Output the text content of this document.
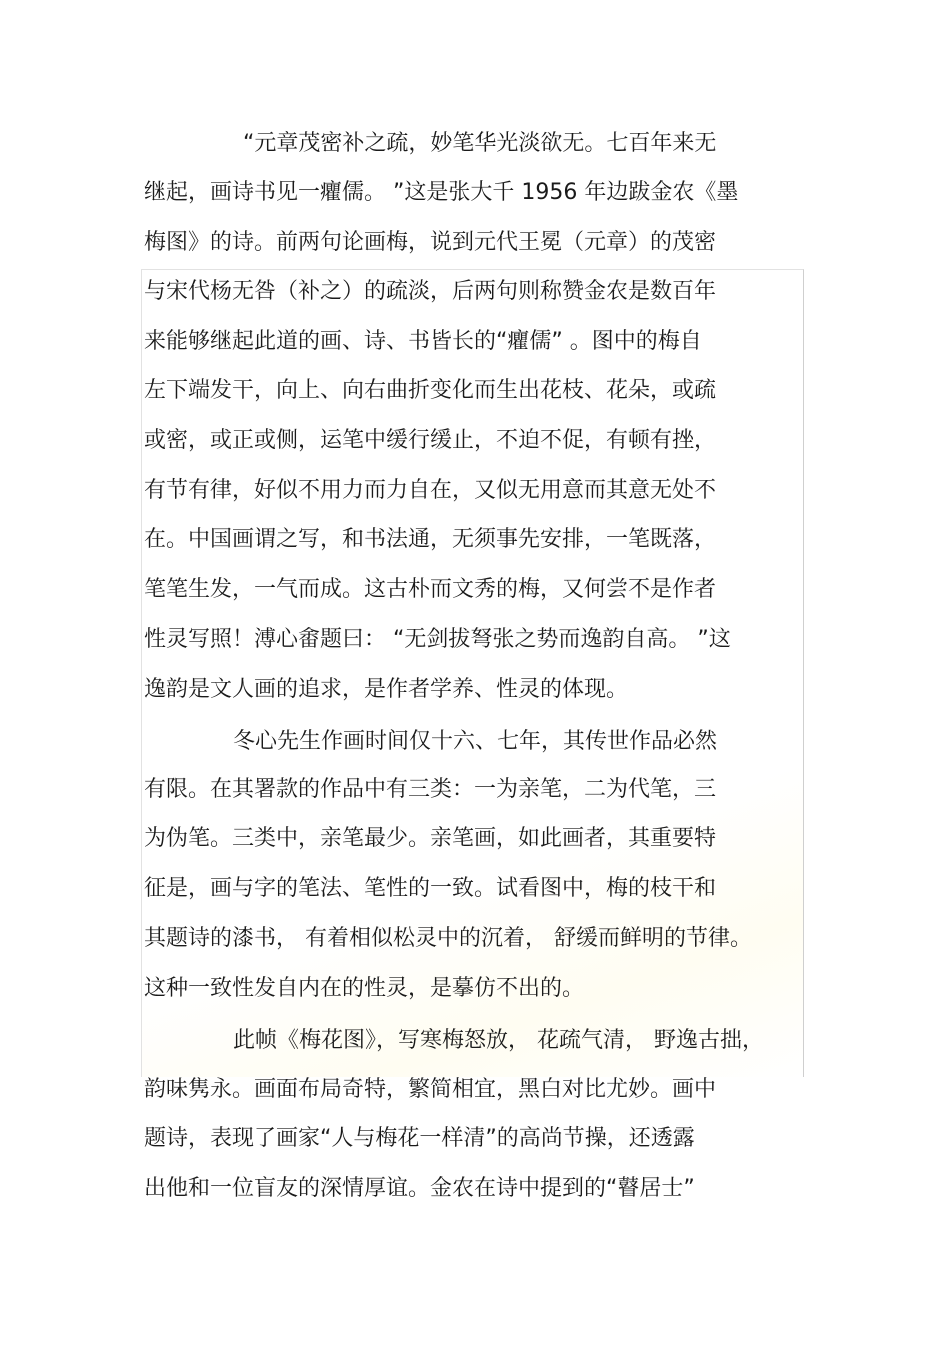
“元章茂密补之疏，妙笔华光淡欲无。七百年来无
继起，画诗书见一癯儒。 ”这是张大千 1956 年边跋金农《墨
梅图》的诗。前两句论画梅，说到元代王冕（元章）的茂密
与宋代杨无咎（补之）的疏淡，后两句则称赞金农是数百年
来能够继起此道的画、诗、书皆长的“癯儒” 。图中的梅自
左下端发干，向上、向右曲折变化而生出花枝、花朵，或疏
或密，或正或侧，运笔中缓行缓止，不迫不促，有顿有挫，
有节有律，好似不用力而力自在，又似无用意而其意无处不
在。中国画谓之写，和书法通，无须事先安排，一笔既落，
笔笔生发，一气而成。这古朴而文秀的梅，又何尝不是作者
性灵写照！溥心畬题曰： “无剑拔弩张之势而逸韵自高。 ”这
逸韵是文人画的追求，是作者学养、性灵的体现。
冬心先生作画时间仅十六、七年，其传世作品必然
有限。在其署款的作品中有三类：一为亲笔，二为代笔，三
为伪笔。三类中，亲笔最少。亲笔画，如此画者，其重要特
征是，画与字的笔法、笔性的一致。试看图中，梅的枝干和
其题诗的漆书， 有着相似松灵中的沉着， 舒缓而鲜明的节律。
这种一致性发自内在的性灵，是摹仿不出的。
此帧《梅花图》，写寒梅怒放， 花疏气清， 野逸古拙，
韵味隽永。画面布局奇特，繁简相宜，黑白对比尤妙。画中
题诗，表现了画家“人与梅花一样清”的高尚节操，还透露
出他和一位盲友的深情厚谊。金农在诗中提到的“瞽居士”
